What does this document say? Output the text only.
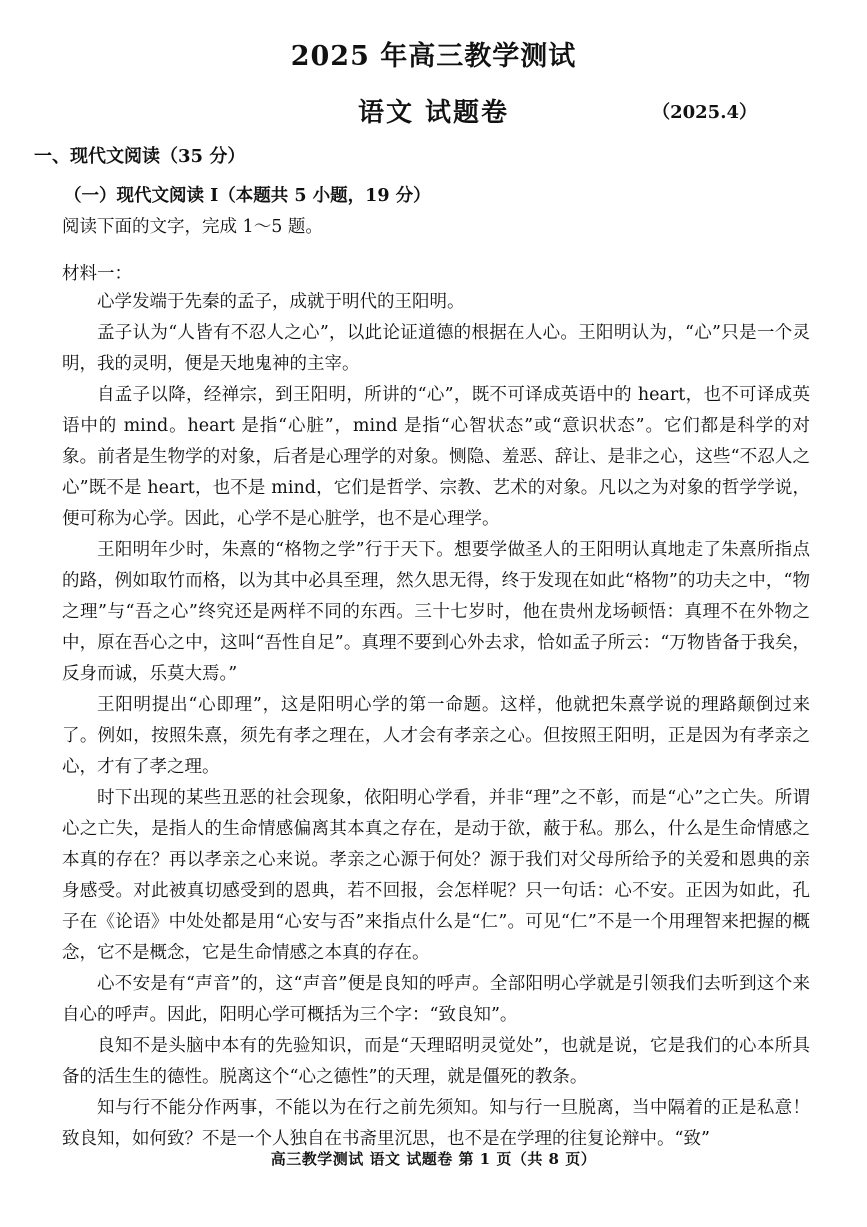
2025 年高三教学测试
语文 试题卷	（2025.4）
一、现代文阅读（35 分）
（一）现代文阅读 I（本题共 5 小题，19 分）

阅读下面的文字，完成 1～5 题。

材料一：

心学发端于先秦的孟子，成就于明代的王阳明。

孟子认为“人皆有不忍人之心”，以此论证道德的根据在人心。王阳明认为，“心”只是一个灵明，我的灵明，便是天地鬼神的主宰。

自孟子以降，经禅宗，到王阳明，所讲的“心”，既不可译成英语中的 heart，也不可译成英语中的 mind。heart 是指“心脏”，mind 是指“心智状态”或“意识状态”。它们都是科学的对象。前者是生物学的对象，后者是心理学的对象。恻隐、羞恶、辞让、是非之心，这些“不忍人之心”既不是 heart，也不是 mind，它们是哲学、宗教、艺术的对象。凡以之为对象的哲学学说，便可称为心学。因此，心学不是心脏学，也不是心理学。

王阳明年少时，朱熹的“格物之学”行于天下。想要学做圣人的王阳明认真地走了朱熹所指点的路，例如取竹而格，以为其中必具至理，然久思无得，终于发现在如此“格物”的功夫之中，“物之理”与“吾之心”终究还是两样不同的东西。三十七岁时，他在贵州龙场顿悟：真理不在外物之中，原在吾心之中，这叫“吾性自足”。真理不要到心外去求，恰如孟子所云：“万物皆备于我矣，反身而诚，乐莫大焉。”

王阳明提出“心即理”，这是阳明心学的第一命题。这样，他就把朱熹学说的理路颠倒过来了。例如，按照朱熹，须先有孝之理在，人才会有孝亲之心。但按照王阳明，正是因为有孝亲之心，才有了孝之理。

时下出现的某些丑恶的社会现象，依阳明心学看，并非“理”之不彰，而是“心”之亡失。所谓心之亡失，是指人的生命情感偏离其本真之存在，是动于欲，蔽于私。那么，什么是生命情感之本真的存在？再以孝亲之心来说。孝亲之心源于何处？源于我们对父母所给予的关爱和恩典的亲身感受。对此被真切感受到的恩典，若不回报，会怎样呢？只一句话：心不安。正因为如此，孔子在《论语》中处处都是用“心安与否”来指点什么是“仁”。可见“仁”不是一个用理智来把握的概念，它不是概念，它是生命情感之本真的存在。

心不安是有“声音”的，这“声音”便是良知的呼声。全部阳明心学就是引领我们去听到这个来自心的呼声。因此，阳明心学可概括为三个字：“致良知”。

良知不是头脑中本有的先验知识，而是“天理昭明灵觉处”，也就是说，它是我们的心本所具备的活生生的德性。脱离这个“心之德性”的天理，就是僵死的教条。

知与行不能分作两事，不能以为在行之前先须知。知与行一旦脱离，当中隔着的正是私意！致良知，如何致？不是一个人独自在书斋里沉思，也不是在学理的往复论辩中。“致”

高三教学测试 语文 试题卷 第 1 页（共 8 页）
